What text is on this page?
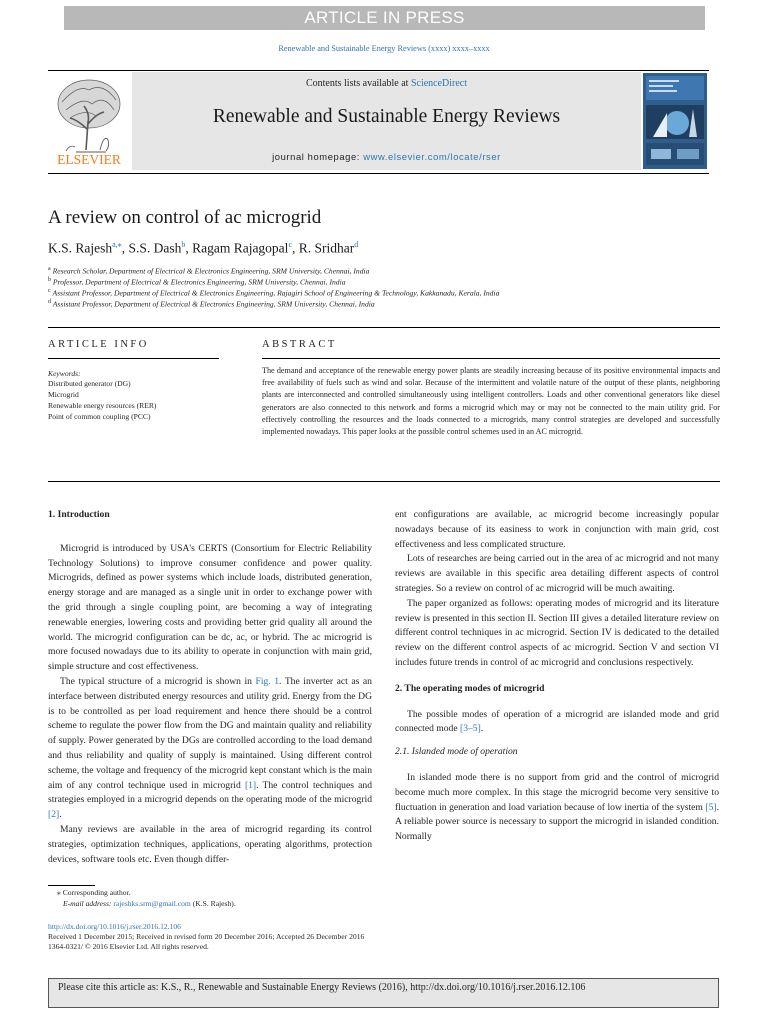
ARTICLE IN PRESS
Renewable and Sustainable Energy Reviews (xxxx) xxxx–xxxx
ELSEVIER
Contents lists available at ScienceDirect
Renewable and Sustainable Energy Reviews
journal homepage: www.elsevier.com/locate/rser
A review on control of ac microgrid
K.S. Rajesh$^{a,⁎}$, S.S. Dash$^b$, Ragam Rajagopal$^c$, R. Sridhar$^d$
$^a$ Research Scholar, Department of Electrical & Electronics Engineering, SRM University, Chennai, India
$^b$ Professor, Department of Electrical & Electronics Engineering, SRM University, Chennai, India
$^c$ Assistant Professor, Department of Electrical & Electronics Engineering, Rajagiri School of Engineering & Technology, Kakkanadu, Kerala, India
$^d$ Assistant Professor, Department of Electrical & Electronics Engineering, SRM University, Chennai, India
ARTICLE INFO	ABSTRACT
Keywords:
Distributed generator (DG)
Microgrid
Renewable energy resources (RER)
Point of common coupling (PCC)
The demand and acceptance of the renewable energy power plants are steadily increasing because of its positive environmental impacts and free availability of fuels such as wind and solar. Because of the intermittent and volatile nature of the output of these plants, neighboring plants are interconnected and controlled simultaneously using intelligent controllers. Loads and other conventional generators like diesel generators are also connected to this network and forms a microgrid which may or may not be connected to the main utility grid. For effectively controlling the resources and the loads connected to a microgrids, many control strategies are developed and successfully implemented nowadays. This paper looks at the possible control schemes used in an AC microgrid.
1. Introduction

Microgrid is introduced by USA's CERTS (Consortium for Electric Reliability Technology Solutions) to improve consumer confidence and power quality. Microgrids, defined as power systems which include loads, distributed generation, energy storage and are managed as a single unit in order to exchange power with the grid through a single coupling point, are becoming a way of integrating renewable energies, lowering costs and providing better grid quality all around the world. The microgrid configuration can be dc, ac, or hybrid. The ac microgrid is more focused nowadays due to its ability to operate in conjunction with main grid, simple structure and cost effectiveness.

The typical structure of a microgrid is shown in Fig. 1. The inverter act as an interface between distributed energy resources and utility grid. Energy from the DG is to be controlled as per load requirement and hence there should be a control scheme to regulate the power flow from the DG and maintain quality and reliability of supply. Power generated by the DGs are controlled according to the load demand and thus reliability and quality of supply is maintained. Using different control scheme, the voltage and frequency of the microgrid kept constant which is the main aim of any control technique used in microgrid [1]. The control techniques and strategies employed in a microgrid depends on the operating mode of the microgrid [2].

Many reviews are available in the area of microgrid regarding its control strategies, optimization techniques, applications, operating algorithms, protection devices, software tools etc. Even though differ-

ent configurations are available, ac microgrid become increasingly popular nowadays because of its easiness to work in conjunction with main grid, cost effectiveness and less complicated structure.

Lots of researches are being carried out in the area of ac microgrid and not many reviews are available in this specific area detailing different aspects of control strategies. So a review on control of ac microgrid will be much awaiting.

The paper organized as follows: operating modes of microgrid and its literature review is presented in this section II. Section III gives a detailed literature review on different control techniques in ac microgrid. Section IV is dedicated to the detailed review on the different control aspects of ac microgrid. Section V and section VI includes future trends in control of ac microgrid and conclusions respectively.

2. The operating modes of microgrid

The possible modes of operation of a microgrid are islanded mode and grid connected mode [3–5].

2.1. Islanded mode of operation

In islanded mode there is no support from grid and the control of microgrid become much more complex. In this stage the microgrid become very sensitive to fluctuation in generation and load variation because of low inertia of the system [5]. A reliable power source is necessary to support the microgrid in islanded condition. Normally

⁎ Corresponding author.
E-mail address: rajeshks.srm@gmail.com (K.S. Rajesh).
http://dx.doi.org/10.1016/j.rser.2016.12.106
Received 1 December 2015; Received in revised form 20 December 2016; Accepted 26 December 2016
1364-0321/ © 2016 Elsevier Ltd. All rights reserved.
Please cite this article as: K.S., R., Renewable and Sustainable Energy Reviews (2016), http://dx.doi.org/10.1016/j.rser.2016.12.106
